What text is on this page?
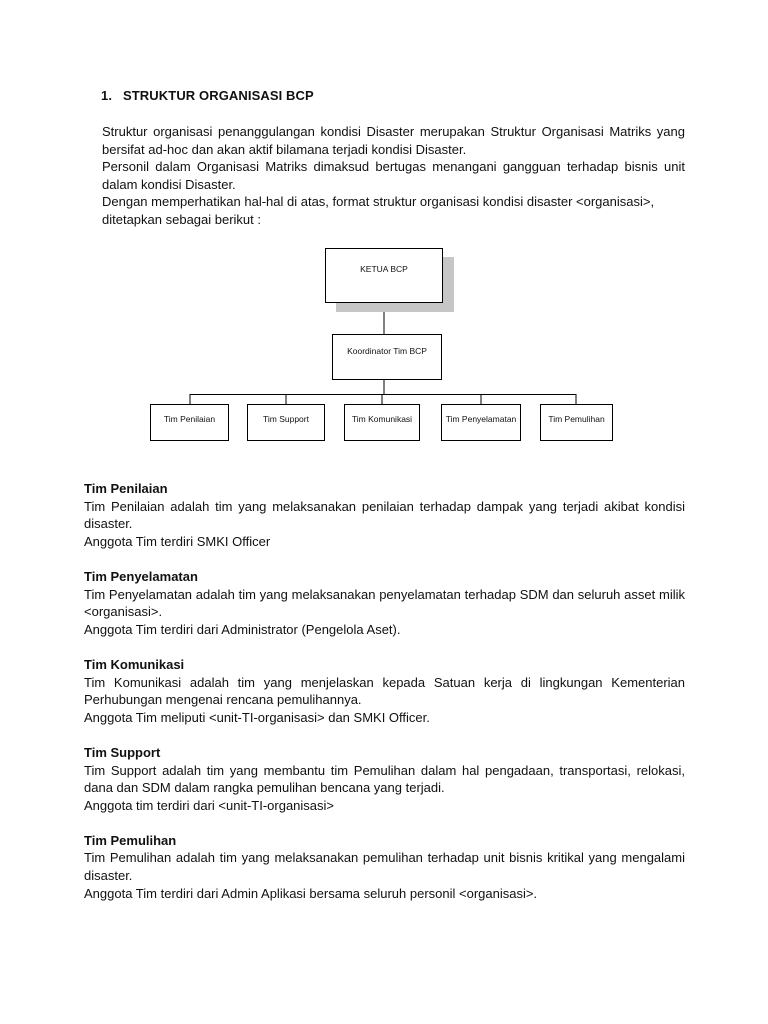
1. STRUKTUR ORGANISASI BCP

Struktur organisasi penanggulangan kondisi Disaster merupakan Struktur Organisasi Matriks yang bersifat ad-hoc dan akan aktif bilamana terjadi kondisi Disaster.

Personil dalam Organisasi Matriks dimaksud bertugas menangani gangguan terhadap bisnis unit dalam kondisi Disaster.

Dengan memperhatikan hal-hal di atas, format struktur organisasi kondisi disaster <organisasi>, ditetapkan sebagai berikut :

KETUA BCP
Koordinator Tim BCP
Tim Penilaian	Tim Support	Tim Komunikasi	Tim Penyelamatan	Tim Pemulihan
Tim Penilaian

Tim Penilaian adalah tim yang melaksanakan penilaian terhadap dampak yang terjadi akibat kondisi disaster.

Anggota Tim terdiri SMKI Officer

Tim Penyelamatan

Tim Penyelamatan adalah tim yang melaksanakan penyelamatan terhadap SDM dan seluruh asset milik <organisasi>.

Anggota Tim terdiri dari Administrator (Pengelola Aset).

Tim Komunikasi

Tim Komunikasi adalah tim yang menjelaskan kepada Satuan kerja di lingkungan Kementerian Perhubungan mengenai rencana pemulihannya.

Anggota Tim meliputi <unit-TI-organisasi> dan SMKI Officer.

Tim Support

Tim Support adalah tim yang membantu tim Pemulihan dalam hal pengadaan, transportasi, relokasi, dana dan SDM dalam rangka pemulihan bencana yang terjadi.

Anggota tim terdiri dari <unit-TI-organisasi>

Tim Pemulihan

Tim Pemulihan adalah tim yang melaksanakan pemulihan terhadap unit bisnis kritikal yang mengalami disaster.

Anggota Tim terdiri dari Admin Aplikasi bersama seluruh personil <organisasi>.
